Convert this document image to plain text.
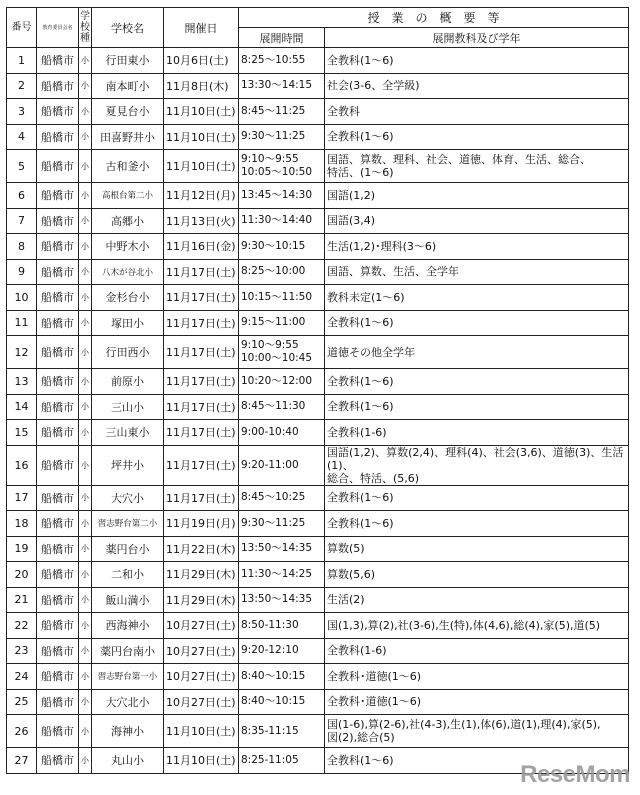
番号	教育委員会名	学校種	学校名	開催日	授　業　の　概　要　等	
					展開時間	展開教科及び学年
1	船橋市	小	行田東小	10月6日(土)	8:25～10:55	全教科(1～6)
2	船橋市	小	南本町小	11月8日(木)	13:30～14:15	社会(3-6、全学級)
3	船橋市	小	夏見台小	11月10日(土)	8:45～11:25	全教科
4	船橋市	小	田喜野井小	11月10日(土)	9:30～11:25	全教科(1～6)
5	船橋市	小	古和釜小	11月10日(土)	9:10～9:55
10:05～10:50	国語、算数、理科、社会、道徳、体育、生活、総合、
特活、(1～6)
6	船橋市	小	高根台第二小	11月12日(月)	13:45～14:30	国語(1,2)
7	船橋市	小	高郷小	11月13日(火)	11:30～14:40	国語(3,4)
8	船橋市	小	中野木小	11月16日(金)	9:30～10:15	生活(1,2)･理科(3～6)
9	船橋市	小	八木が谷北小	11月17日(土)	8:25～10:00	国語、算数、生活、全学年
10	船橋市	小	金杉台小	11月17日(土)	10:15～11:50	教科未定(1～6)
11	船橋市	小	塚田小	11月17日(土)	9:15～11:00	全教科(1～6)
12	船橋市	小	行田西小	11月17日(土)	9:10～9:55
10:00～10:45	道徳その他全学年
13	船橋市	小	前原小	11月17日(土)	10:20～12:00	全教科(1～6)
14	船橋市	小	三山小	11月17日(土)	8:45～11:30	全教科(1～6)
15	船橋市	小	三山東小	11月17日(土)	9:00-10:40	全教科(1-6)
16	船橋市	小	坪井小	11月17日(土)	9:20-11:00	国語(1,2)、算数(2,4)、理科(4)、社会(3,6)、道徳(3)、生活(1)、
総合、特活、(5,6)
17	船橋市	小	大穴小	11月17日(土)	8:45～10:25	全教科(1～6)
18	船橋市	小	習志野台第二小	11月19日(月)	9:30～11:25	全教科(1～6)
19	船橋市	小	薬円台小	11月22日(木)	13:50～14:35	算数(5)
20	船橋市	小	二和小	11月29日(木)	11:30～14:25	算数(5,6)
21	船橋市	小	飯山満小	11月29日(木)	13:50～14:35	生活(2)
22	船橋市	小	西海神小	10月27日(土)	8:50-11:30	国(1,3),算(2),社(3-6),生(特),体(4,6),総(4),家(5),道(5)
23	船橋市	小	薬円台南小	10月27日(土)	9:20-12:10	全教科(1-6)
24	船橋市	小	習志野台第一小	10月27日(土)	8:40～10:15	全教科･道徳(1～6)
25	船橋市	小	大穴北小	10月27日(土)	8:40～10:15	全教科･道徳(1～6)
26	船橋市	小	海神小	11月10日(土)	8:35-11:15	国(1-6),算(2-6),社(4-3),生(1),体(6),道(1),理(4),家(5),
図(2),総合(5)
27	船橋市	小	丸山小	11月10日(土)	8:25-11:05	全教科(1～6)
ReseMom
